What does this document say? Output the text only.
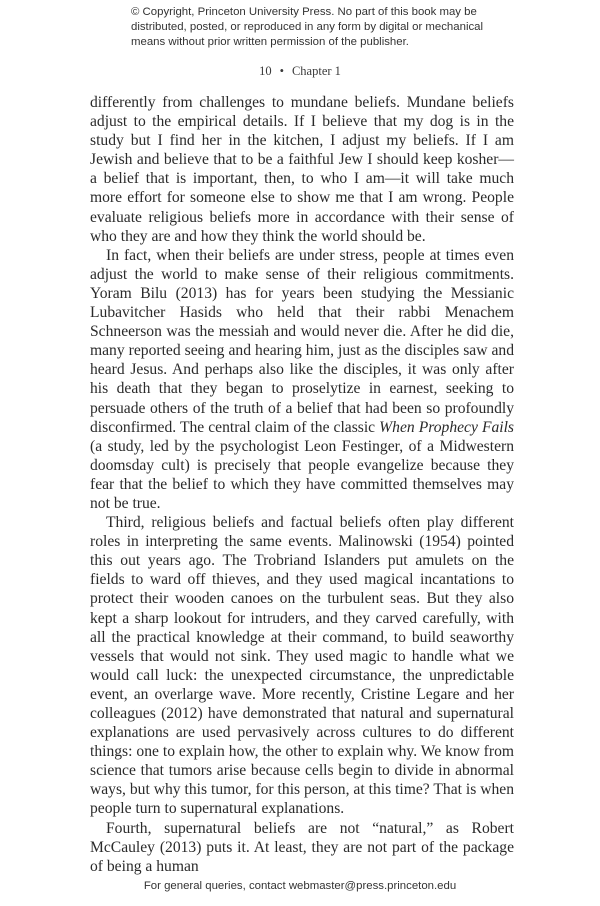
© Copyright, Princeton University Press. No part of this book may be distributed, posted, or reproduced in any form by digital or mechanical means without prior written permission of the publisher.
10 • Chapter 1

differently from challenges to mundane beliefs. Mundane beliefs adjust to the empirical details. If I believe that my dog is in the study but I find her in the kitchen, I adjust my beliefs. If I am Jewish and believe that to be a faithful Jew I should keep kosher—a belief that is important, then, to who I am—it will take much more effort for someone else to show me that I am wrong. People evaluate religious beliefs more in accordance with their sense of who they are and how they think the world should be.

In fact, when their beliefs are under stress, people at times even adjust the world to make sense of their religious commitments. Yoram Bilu (2013) has for years been studying the Messianic Lubavitcher Hasids who held that their rabbi Menachem Schneerson was the messiah and would never die. After he did die, many reported seeing and hearing him, just as the disciples saw and heard Jesus. And perhaps also like the disciples, it was only after his death that they began to proselytize in earnest, seeking to persuade others of the truth of a belief that had been so profoundly disconfirmed. The central claim of the classic When Prophecy Fails (a study, led by the psychologist Leon Festinger, of a Midwestern doomsday cult) is precisely that people evangelize because they fear that the belief to which they have committed themselves may not be true.

Third, religious beliefs and factual beliefs often play different roles in interpreting the same events. Malinowski (1954) pointed this out years ago. The Trobriand Islanders put amulets on the fields to ward off thieves, and they used magical incantations to protect their wooden canoes on the turbulent seas. But they also kept a sharp lookout for intruders, and they carved carefully, with all the practical knowledge at their command, to build seaworthy vessels that would not sink. They used magic to handle what we would call luck: the unexpected circumstance, the unpredictable event, an overlarge wave. More recently, Cristine Legare and her colleagues (2012) have demonstrated that natural and supernatural explanations are used pervasively across cultures to do different things: one to explain how, the other to explain why. We know from science that tumors arise because cells begin to divide in abnormal ways, but why this tumor, for this person, at this time? That is when people turn to supernatural explanations.

Fourth, supernatural beliefs are not “natural,” as Robert McCauley (2013) puts it. At least, they are not part of the package of being a human

For general queries, contact webmaster@press.princeton.edu
